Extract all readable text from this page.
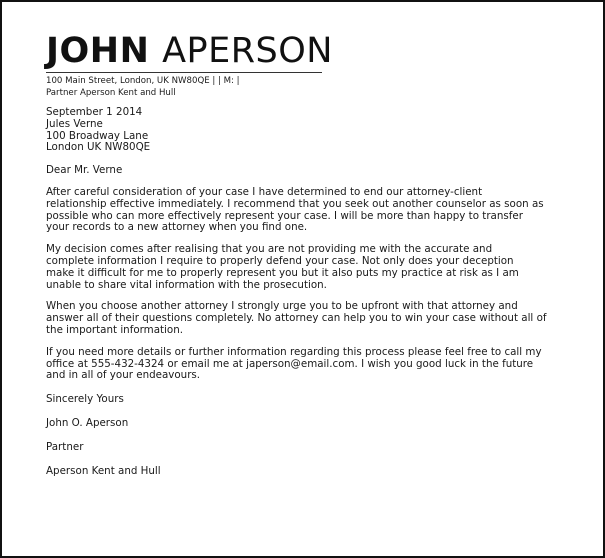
JOHN APERSON
100 Main Street, London, UK NW80QE | | M: |
Partner Aperson Kent and Hull
September 1 2014
Jules Verne
100 Broadway Lane
London UK NW80QE
Dear Mr. Verne
After careful consideration of your case I have determined to end our attorney-client
relationship effective immediately. I recommend that you seek out another counselor as soon as
possible who can more effectively represent your case. I will be more than happy to transfer
your records to a new attorney when you find one.
My decision comes after realising that you are not providing me with the accurate and
complete information I require to properly defend your case. Not only does your deception
make it difficult for me to properly represent you but it also puts my practice at risk as I am
unable to share vital information with the prosecution.
When you choose another attorney I strongly urge you to be upfront with that attorney and
answer all of their questions completely. No attorney can help you to win your case without all of
the important information.
If you need more details or further information regarding this process please feel free to call my
office at 555-432-4324 or email me at japerson@email.com. I wish you good luck in the future
and in all of your endeavours.
Sincerely Yours
John O. Aperson
Partner
Aperson Kent and Hull
